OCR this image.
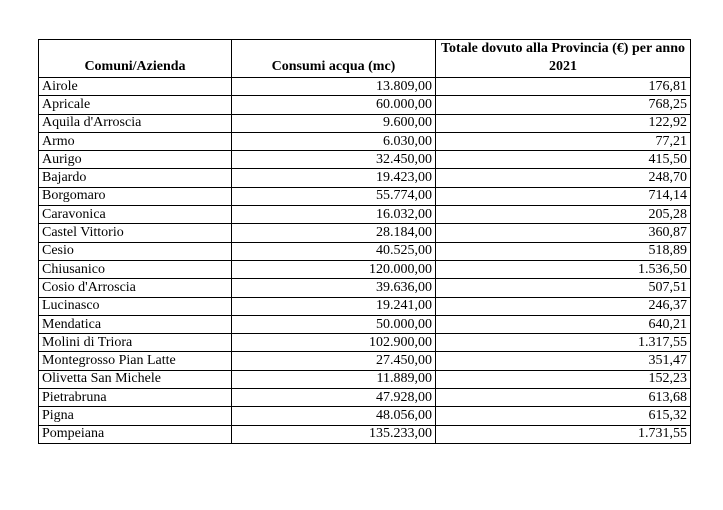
Comuni/Azienda	Consumi acqua (mc)	Totale dovuto alla Provincia (€) per anno 2021
Airole	13.809,00	176,81
Apricale	60.000,00	768,25
Aquila d'Arroscia	9.600,00	122,92
Armo	6.030,00	77,21
Aurigo	32.450,00	415,50
Bajardo	19.423,00	248,70
Borgomaro	55.774,00	714,14
Caravonica	16.032,00	205,28
Castel Vittorio	28.184,00	360,87
Cesio	40.525,00	518,89
Chiusanico	120.000,00	1.536,50
Cosio d'Arroscia	39.636,00	507,51
Lucinasco	19.241,00	246,37
Mendatica	50.000,00	640,21
Molini di Triora	102.900,00	1.317,55
Montegrosso Pian Latte	27.450,00	351,47
Olivetta San Michele	11.889,00	152,23
Pietrabruna	47.928,00	613,68
Pigna	48.056,00	615,32
Pompeiana	135.233,00	1.731,55
